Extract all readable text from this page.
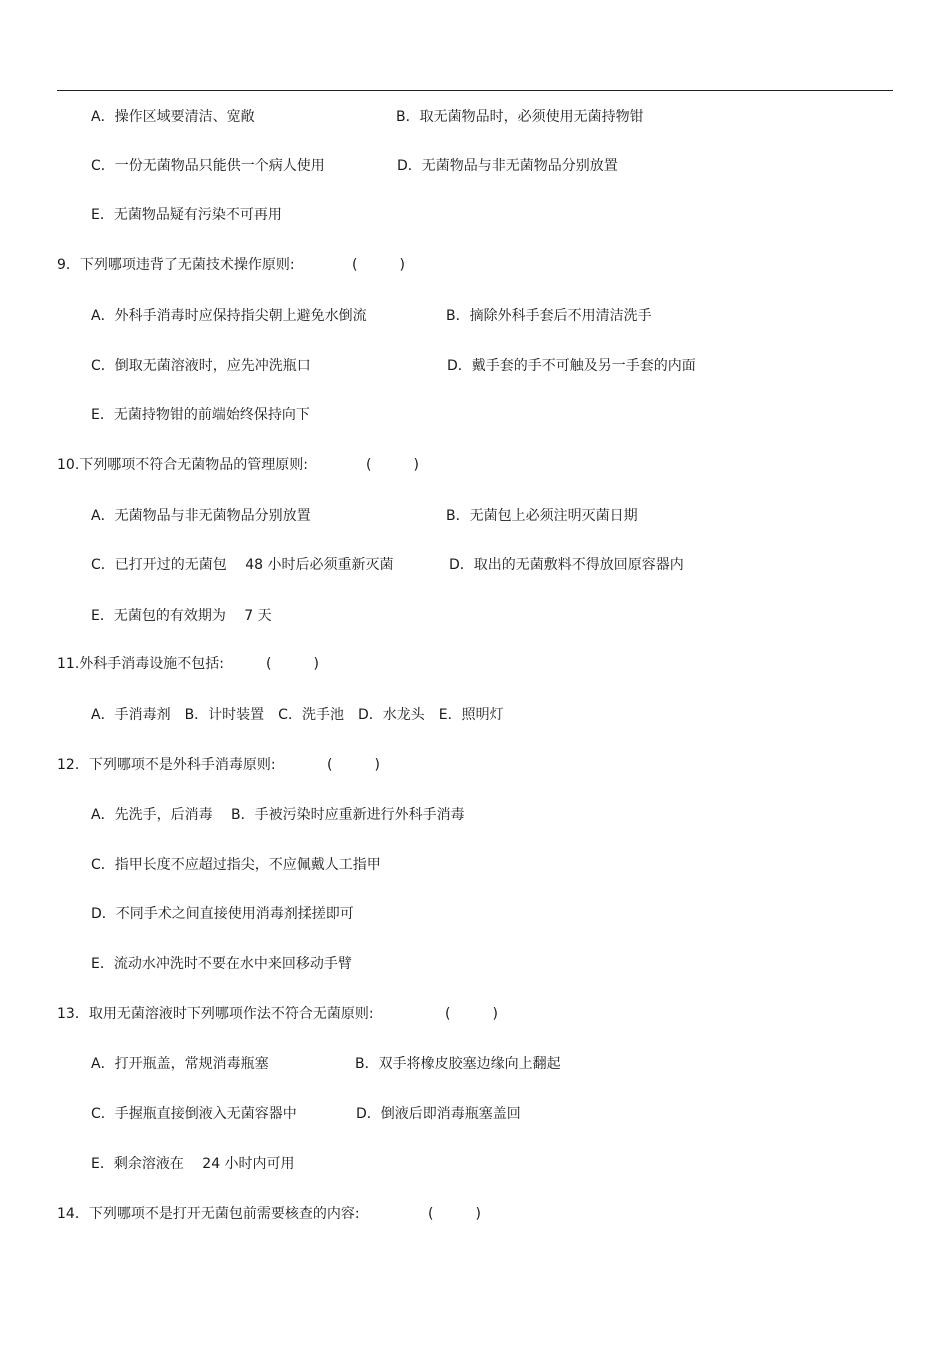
A．操作区域要清洁、宽敞	B．取无菌物品时，必须使用无菌持物钳
C．一份无菌物品只能供一个病人使用	D．无菌物品与非无菌物品分别放置
E．无菌物品疑有污染不可再用
9．下列哪项违背了无菌技术操作原则:	(　　　)
A．外科手消毒时应保持指尖朝上避免水倒流	B．摘除外科手套后不用清洁洗手
C．倒取无菌溶液时，应先冲洗瓶口	D．戴手套的手不可触及另一手套的内面
E．无菌持物钳的前端始终保持向下
10.下列哪项不符合无菌物品的管理原则:	(　　　)
A．无菌物品与非无菌物品分别放置	B．无菌包上必须注明灭菌日期
C．已打开过的无菌包　 48 小时后必须重新灭菌	D．取出的无菌敷料不得放回原容器内
E．无菌包的有效期为　 7 天
11.外科手消毒设施不包括:	(　　　)
A．手消毒剂　B．计时装置　C．洗手池　D．水龙头　E．照明灯
12．下列哪项不是外科手消毒原则:	(　　　)
A．先洗手，后消毒　 B．手被污染时应重新进行外科手消毒
C．指甲长度不应超过指尖，不应佩戴人工指甲
D．不同手术之间直接使用消毒剂揉搓即可
E．流动水冲洗时不要在水中来回移动手臂
13．取用无菌溶液时下列哪项作法不符合无菌原则:	(　　　)
A．打开瓶盖，常规消毒瓶塞	B．双手将橡皮胶塞边缘向上翻起
C．手握瓶直接倒液入无菌容器中	D．倒液后即消毒瓶塞盖回
E．剩余溶液在　 24 小时内可用
14．下列哪项不是打开无菌包前需要核查的内容:	(　　　)
